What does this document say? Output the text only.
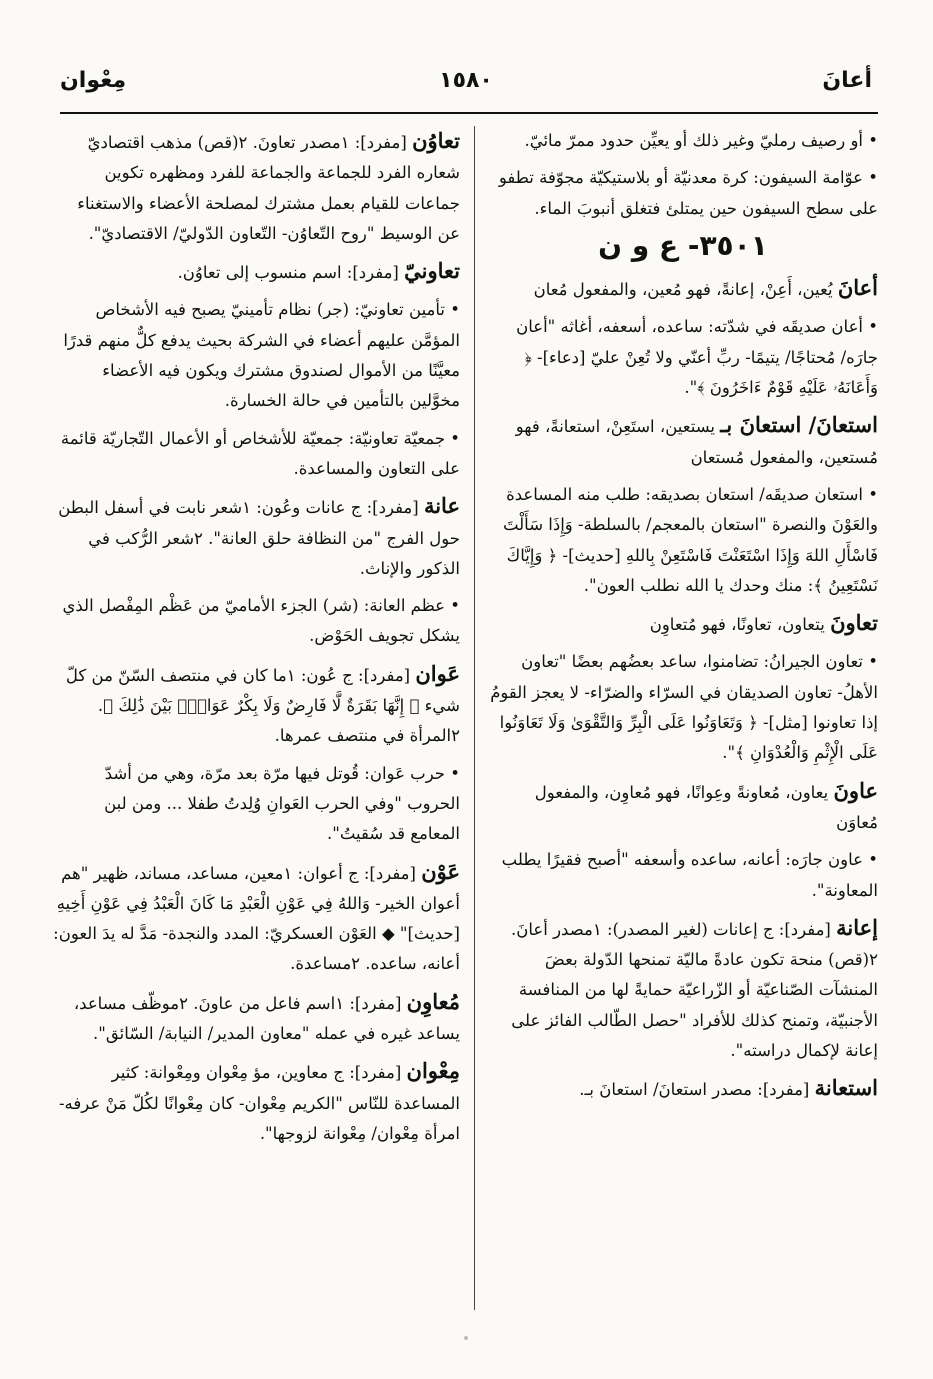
أعانَ
١٥٨٠
مِعْوان
• أو رصيف رمليّ وغير ذلك أو يعيِّن حدود ممرّ مائيّ.
• عوّامة السيفون: كرة معدنيّة أو بلاستيكيّة مجوّفة تطفو على سطح السيفون حين يمتلئ فتغلق أنبوبَ الماء.
٣٥٠١- ع و ن
أعانَ يُعين، أَعِنْ، إعانةً، فهو مُعين، والمفعول مُعان
• أعان صديقَه في شدّته: ساعده، أسعفه، أغاثه "أعان جارَه/ مُحتاجًا/ يتيمًا- ربِّ أعنّي ولا تُعِنْ عليّ [دعاء]- ﴿ وَأَعَانَهُۥ عَلَيْهِ قَوْمٌ ءَاخَرُونَ ﴾".
استعانَ/ استعانَ بـ يستعين، استَعِنْ، استعانةً، فهو مُستعين، والمفعول مُستعان
• استعان صديقَه/ استعان بصديقه: طلب منه المساعدة والعَوْنَ والنصرة "استعان بالمعجم/ بالسلطة- وَإِذَا سَأَلْتَ فَاسْأَلِ اللهَ وَإِذَا اسْتَعَنْتَ فَاسْتَعِنْ بِاللهِ [حديث]- ﴿ وَإِيَّاكَ نَسْتَعِينُ ﴾: منك وحدك يا الله نطلب العون".
تعاونَ يتعاون، تعاونًا، فهو مُتعاوِن
• تعاون الجيرانُ: تضامنوا، ساعد بعضُهم بعضًا "تعاون الأهلُ- تعاون الصديقان في السرّاء والضرّاء- لا يعجز القومُ إذا تعاونوا [مثل]- ﴿ وَتَعَاوَنُوا عَلَى الْبِرِّ وَالتَّقْوَىٰ وَلَا تَعَاوَنُوا عَلَى الْإِثْمِ وَالْعُدْوَانِ ﴾".
عاونَ يعاون، مُعاونةً وعِوانًا، فهو مُعاوِن، والمفعول مُعاوَن
• عاون جارَه: أعانه، ساعده وأسعفه "أصبح فقيرًا يطلب المعاونة".
إعانة [مفرد]: ج إعانات (لغير المصدر): ١مصدر أعانَ. ٢(قص) منحة تكون عادةً ماليّة تمنحها الدّولة بعضَ المنشآت الصّناعيّة أو الزّراعيّة حمايةً لها من المنافسة الأجنبيّة، وتمنح كذلك للأفراد "حصل الطّالب الفائز على إعانة لإكمال دراسته".
استعانة [مفرد]: مصدر استعانَ/ استعانَ بـ.
تعاوُن [مفرد]: ١مصدر تعاونَ. ٢(قص) مذهب اقتصاديّ شعاره الفرد للجماعة والجماعة للفرد ومظهره تكوين جماعات للقيام بعمل مشترك لمصلحة الأعضاء والاستغناء عن الوسيط "روح التّعاوُن- التّعاون الدّوليّ/ الاقتصاديّ".
تعاونيّ [مفرد]: اسم منسوب إلى تعاوُن.
• تأمين تعاونيّ: (جر) نظام تأمينيّ يصبح فيه الأشخاص المؤمَّن عليهم أعضاء في الشركة بحيث يدفع كلٌّ منهم قدرًا معيَّنًا من الأموال لصندوق مشترك ويكون فيه الأعضاء مخوَّلين بالتأمين في حالة الخسارة.
• جمعيّة تعاونيّة: جمعيّة للأشخاص أو الأعمال التّجاريّة قائمة على التعاون والمساعدة.
عانة [مفرد]: ج عانات وعُون: ١شعر نابت في أسفل البطن حول الفرج "من النظافة حلق العانة". ٢شعر الرُّكب في الذكور والإناث.
• عظم العانة: (شر) الجزء الأماميّ من عَظْم المِفْصل الذي يشكل تجويف الحَوْض.
عَوان [مفرد]: ج عُون: ١ما كان في منتصف السّنّ من كلّ شيء ﴿ إِنَّهَا بَقَرَةٌ لَّا فَارِضٌ وَلَا بِكْرٌ عَوَانٌۢ بَيْنَ ذَٰلِكَ ﴾. ٢المرأة في منتصف عمرها.
• حرب عَوان: قُوتل فيها مرّة بعد مرّة، وهي من أشدّ الحروب "وفي الحرب العَوانِ وُلِدتُ طفلا ... ومن لبن المعامع قد سُقيتُ".
عَوْن [مفرد]: ج أعوان: ١معين، مساعد، مساند، ظهير "هم أعوان الخير- وَاللهُ فِي عَوْنِ الْعَبْدِ مَا كَانَ الْعَبْدُ فِي عَوْنِ أَخِيهِ [حديث]" ◆ العَوْن العسكريّ: المدد والنجدة- مَدَّ له يدَ العون: أعانه، ساعده. ٢مساعدة.
مُعاوِن [مفرد]: ١اسم فاعل من عاونَ. ٢موظّف مساعد، يساعد غيره في عمله "معاون المدير/ النيابة/ السّائق".
مِعْوان [مفرد]: ج معاوين، مؤ مِعْوان ومِعْوانة: كثير المساعدة للنّاس "الكريم مِعْوان- كان مِعْوانًا لكُلّ مَنْ عرفه- امرأة مِعْوان/ مِعْوانة لزوجها".
